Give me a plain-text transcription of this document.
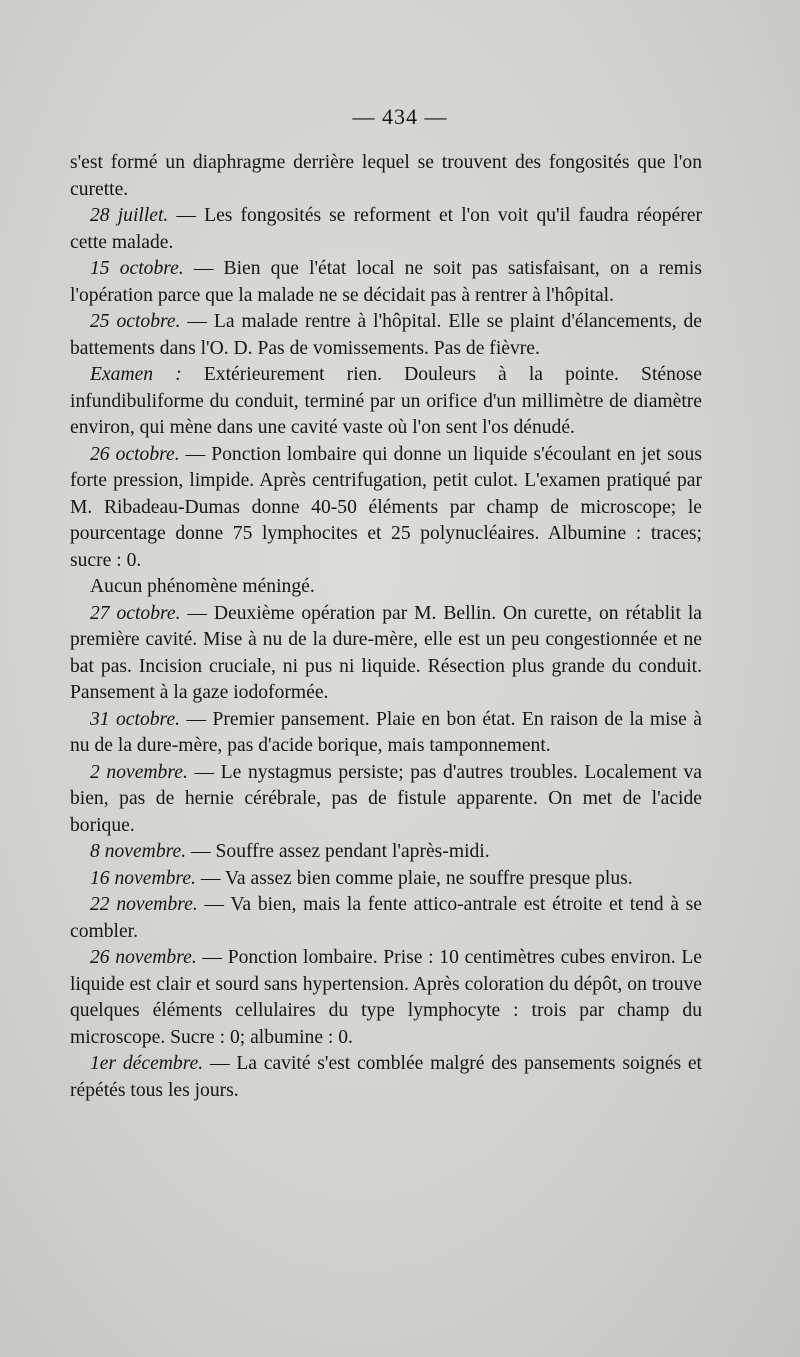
— 434 —

s'est formé un diaphragme derrière lequel se trouvent des fongosités que l'on curette.

28 juillet. — Les fongosités se reforment et l'on voit qu'il faudra réopérer cette malade.

15 octobre. — Bien que l'état local ne soit pas satisfaisant, on a remis l'opération parce que la malade ne se décidait pas à rentrer à l'hôpital.

25 octobre. — La malade rentre à l'hôpital. Elle se plaint d'élancements, de battements dans l'O. D. Pas de vomissements. Pas de fièvre.

Examen : Extérieurement rien. Douleurs à la pointe. Sténose infundibuliforme du conduit, terminé par un orifice d'un millimètre de diamètre environ, qui mène dans une cavité vaste où l'on sent l'os dénudé.

26 octobre. — Ponction lombaire qui donne un liquide s'écoulant en jet sous forte pression, limpide. Après centrifugation, petit culot. L'examen pratiqué par M. Ribadeau-Dumas donne 40-50 éléments par champ de microscope; le pourcentage donne 75 lymphocites et 25 polynucléaires. Albumine : traces; sucre : 0.

Aucun phénomène méningé.

27 octobre. — Deuxième opération par M. Bellin. On curette, on rétablit la première cavité. Mise à nu de la dure-mère, elle est un peu congestionnée et ne bat pas. Incision cruciale, ni pus ni liquide. Résection plus grande du conduit. Pansement à la gaze iodoformée.

31 octobre. — Premier pansement. Plaie en bon état. En raison de la mise à nu de la dure-mère, pas d'acide borique, mais tamponnement.

2 novembre. — Le nystagmus persiste; pas d'autres troubles. Localement va bien, pas de hernie cérébrale, pas de fistule apparente. On met de l'acide borique.

8 novembre. — Souffre assez pendant l'après-midi.

16 novembre. — Va assez bien comme plaie, ne souffre presque plus.

22 novembre. — Va bien, mais la fente attico-antrale est étroite et tend à se combler.

26 novembre. — Ponction lombaire. Prise : 10 centimètres cubes environ. Le liquide est clair et sourd sans hypertension. Après coloration du dépôt, on trouve quelques éléments cellulaires du type lymphocyte : trois par champ du microscope. Sucre : 0; albumine : 0.

1er décembre. — La cavité s'est comblée malgré des pansements soignés et répétés tous les jours.
